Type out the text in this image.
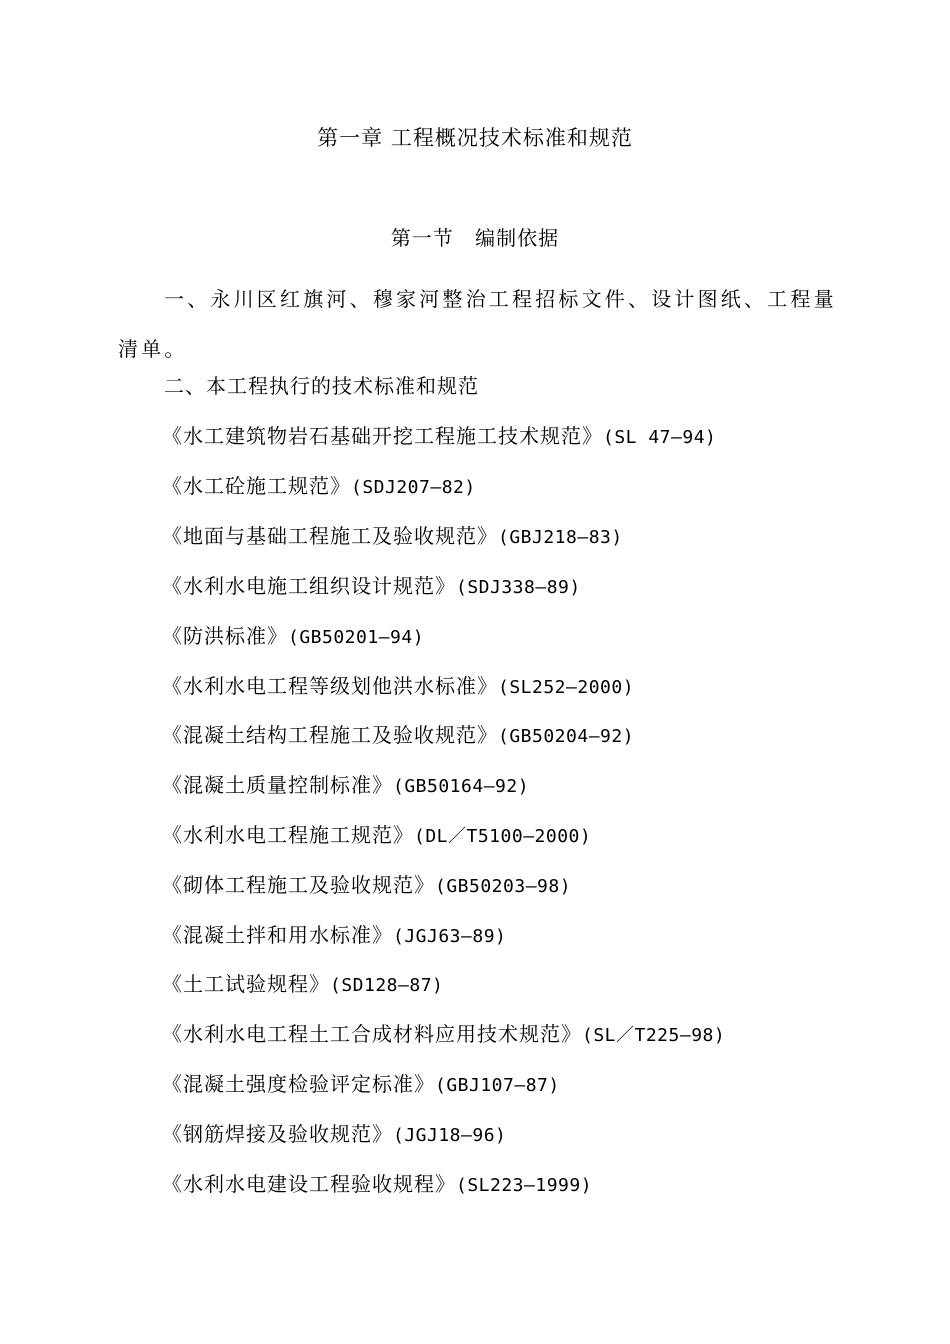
第一章 工程概况技术标准和规范
第一节 编制依据
一、永川区红旗河、穆家河整治工程招标文件、设计图纸、工程量清单。
二、本工程执行的技术标准和规范
《水工建筑物岩石基础开挖工程施工技术规范》(SL 47—94)
《水工砼施工规范》(SDJ207—82)
《地面与基础工程施工及验收规范》(GBJ218—83)
《水利水电施工组织设计规范》(SDJ338—89)
《防洪标准》(GB50201—94)
《水利水电工程等级划他洪水标准》(SL252—2000)
《混凝土结构工程施工及验收规范》(GB50204—92)
《混凝土质量控制标准》(GB50164—92)
《水利水电工程施工规范》(DL／T5100—2000)
《砌体工程施工及验收规范》(GB50203—98)
《混凝土拌和用水标准》(JGJ63—89)
《土工试验规程》(SD128—87)
《水利水电工程土工合成材料应用技术规范》(SL／T225—98)
《混凝土强度检验评定标准》(GBJ107—87)
《钢筋焊接及验收规范》(JGJ18—96)
《水利水电建设工程验收规程》(SL223—1999)
